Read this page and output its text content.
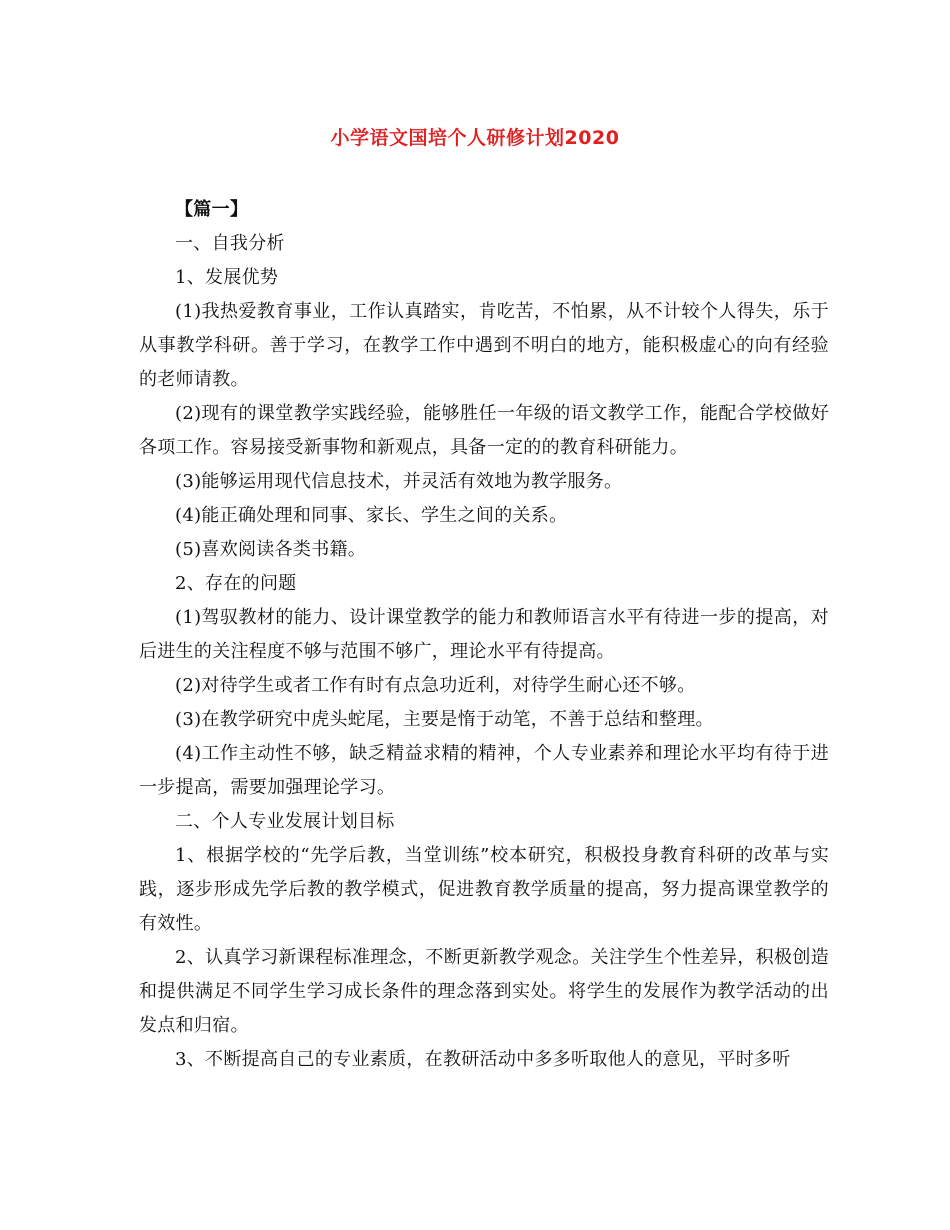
小学语文国培个人研修计划2020

【篇一】

一、自我分析

1、发展优势

(1)我热爱教育事业，工作认真踏实，肯吃苦，不怕累，从不计较个人得失，乐于从事教学科研。善于学习，在教学工作中遇到不明白的地方，能积极虚心的向有经验的老师请教。

(2)现有的课堂教学实践经验，能够胜任一年级的语文教学工作，能配合学校做好各项工作。容易接受新事物和新观点，具备一定的的教育科研能力。

(3)能够运用现代信息技术，并灵活有效地为教学服务。

(4)能正确处理和同事、家长、学生之间的关系。

(5)喜欢阅读各类书籍。

2、存在的问题

(1)驾驭教材的能力、设计课堂教学的能力和教师语言水平有待进一步的提高，对后进生的关注程度不够与范围不够广，理论水平有待提高。

(2)对待学生或者工作有时有点急功近利，对待学生耐心还不够。

(3)在教学研究中虎头蛇尾，主要是惰于动笔，不善于总结和整理。

(4)工作主动性不够，缺乏精益求精的精神，个人专业素养和理论水平均有待于进一步提高，需要加强理论学习。

二、个人专业发展计划目标

1、根据学校的“先学后教，当堂训练”校本研究，积极投身教育科研的改革与实践，逐步形成先学后教的教学模式，促进教育教学质量的提高，努力提高课堂教学的有效性。

2、认真学习新课程标准理念，不断更新教学观念。关注学生个性差异，积极创造和提供满足不同学生学习成长条件的理念落到实处。将学生的发展作为教学活动的出发点和归宿。

3、不断提高自己的专业素质，在教研活动中多多听取他人的意见，平时多听
